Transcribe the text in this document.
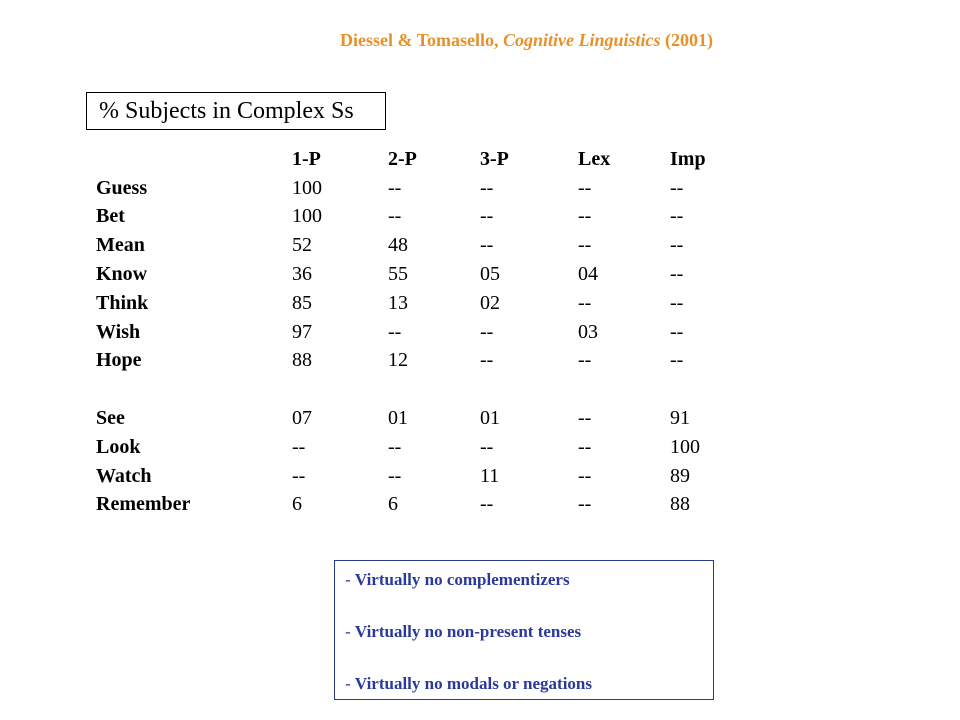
Diessel & Tomasello, Cognitive Linguistics (2001)
% Subjects in Complex Ss
	1-P	2-P	3-P	Lex	Imp
Guess	100	--	--	--	--
Bet	100	--	--	--	--
Mean	52	48	--	--	--
Know	36	55	05	04	--
Think	85	13	02	--	--
Wish	97	--	--	03	--
Hope	88	12	--	--	--

See	07	01	01	--	91
Look	--	--	--	--	100
Watch	--	--	11	--	89
Remember	6	6	--	--	88
- Virtually no complementizers
- Virtually no non-present tenses
- Virtually no modals or negations
